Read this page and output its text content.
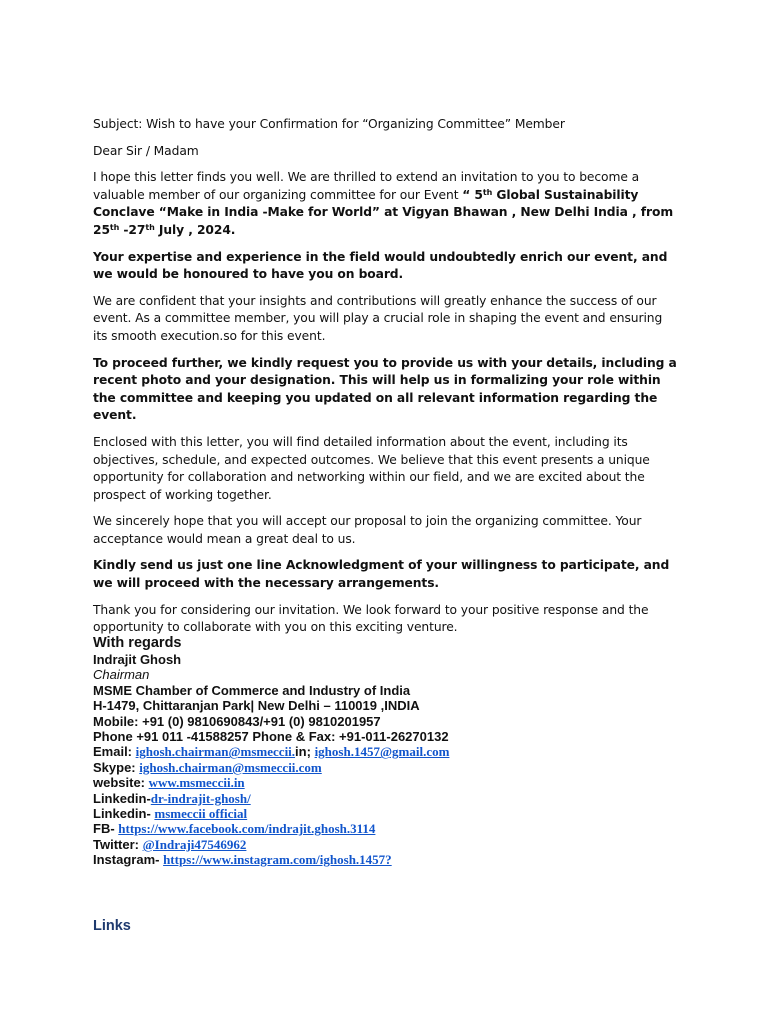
Subject: Wish to have your Confirmation for “Organizing Committee” Member

Dear Sir / Madam

I hope this letter finds you well. We are thrilled to extend an invitation to you to become a valuable member of our organizing committee for our Event “ 5th Global Sustainability Conclave “Make in India -Make for World” at Vigyan Bhawan , New Delhi India , from 25th -27th July , 2024.

Your expertise and experience in the field would undoubtedly enrich our event, and we would be honoured to have you on board.

We are confident that your insights and contributions will greatly enhance the success of our event. As a committee member, you will play a crucial role in shaping the event and ensuring its smooth execution.so for this event.

To proceed further, we kindly request you to provide us with your details, including a recent photo and your designation. This will help us in formalizing your role within the committee and keeping you updated on all relevant information regarding the event.

Enclosed with this letter, you will find detailed information about the event, including its objectives, schedule, and expected outcomes. We believe that this event presents a unique opportunity for collaboration and networking within our field, and we are excited about the prospect of working together.

We sincerely hope that you will accept our proposal to join the organizing committee. Your acceptance would mean a great deal to us.

Kindly send us just one line Acknowledgment of your willingness to participate, and we will proceed with the necessary arrangements.

Thank you for considering our invitation. We look forward to your positive response and the opportunity to collaborate with you on this exciting venture.

With regards
Indrajit Ghosh
Chairman
MSME Chamber of Commerce and Industry of India
H-1479, Chittaranjan Park| New Delhi – 110019 ,INDIA
Mobile: +91 (0) 9810690843/+91 (0) 9810201957
Phone +91 011 -41588257 Phone & Fax: +91-011-26270132
Email: ighosh.chairman@msmeccii.in; ighosh.1457@gmail.com
Skype: ighosh.chairman@msmeccii.com
website: www.msmeccii.in
Linkedin-dr-indrajit-ghosh/
Linkedin- msmeccii official
FB- https://www.facebook.com/indrajit.ghosh.3114
Twitter: @Indraji47546962
Instagram- https://www.instagram.com/ighosh.1457?
Links
